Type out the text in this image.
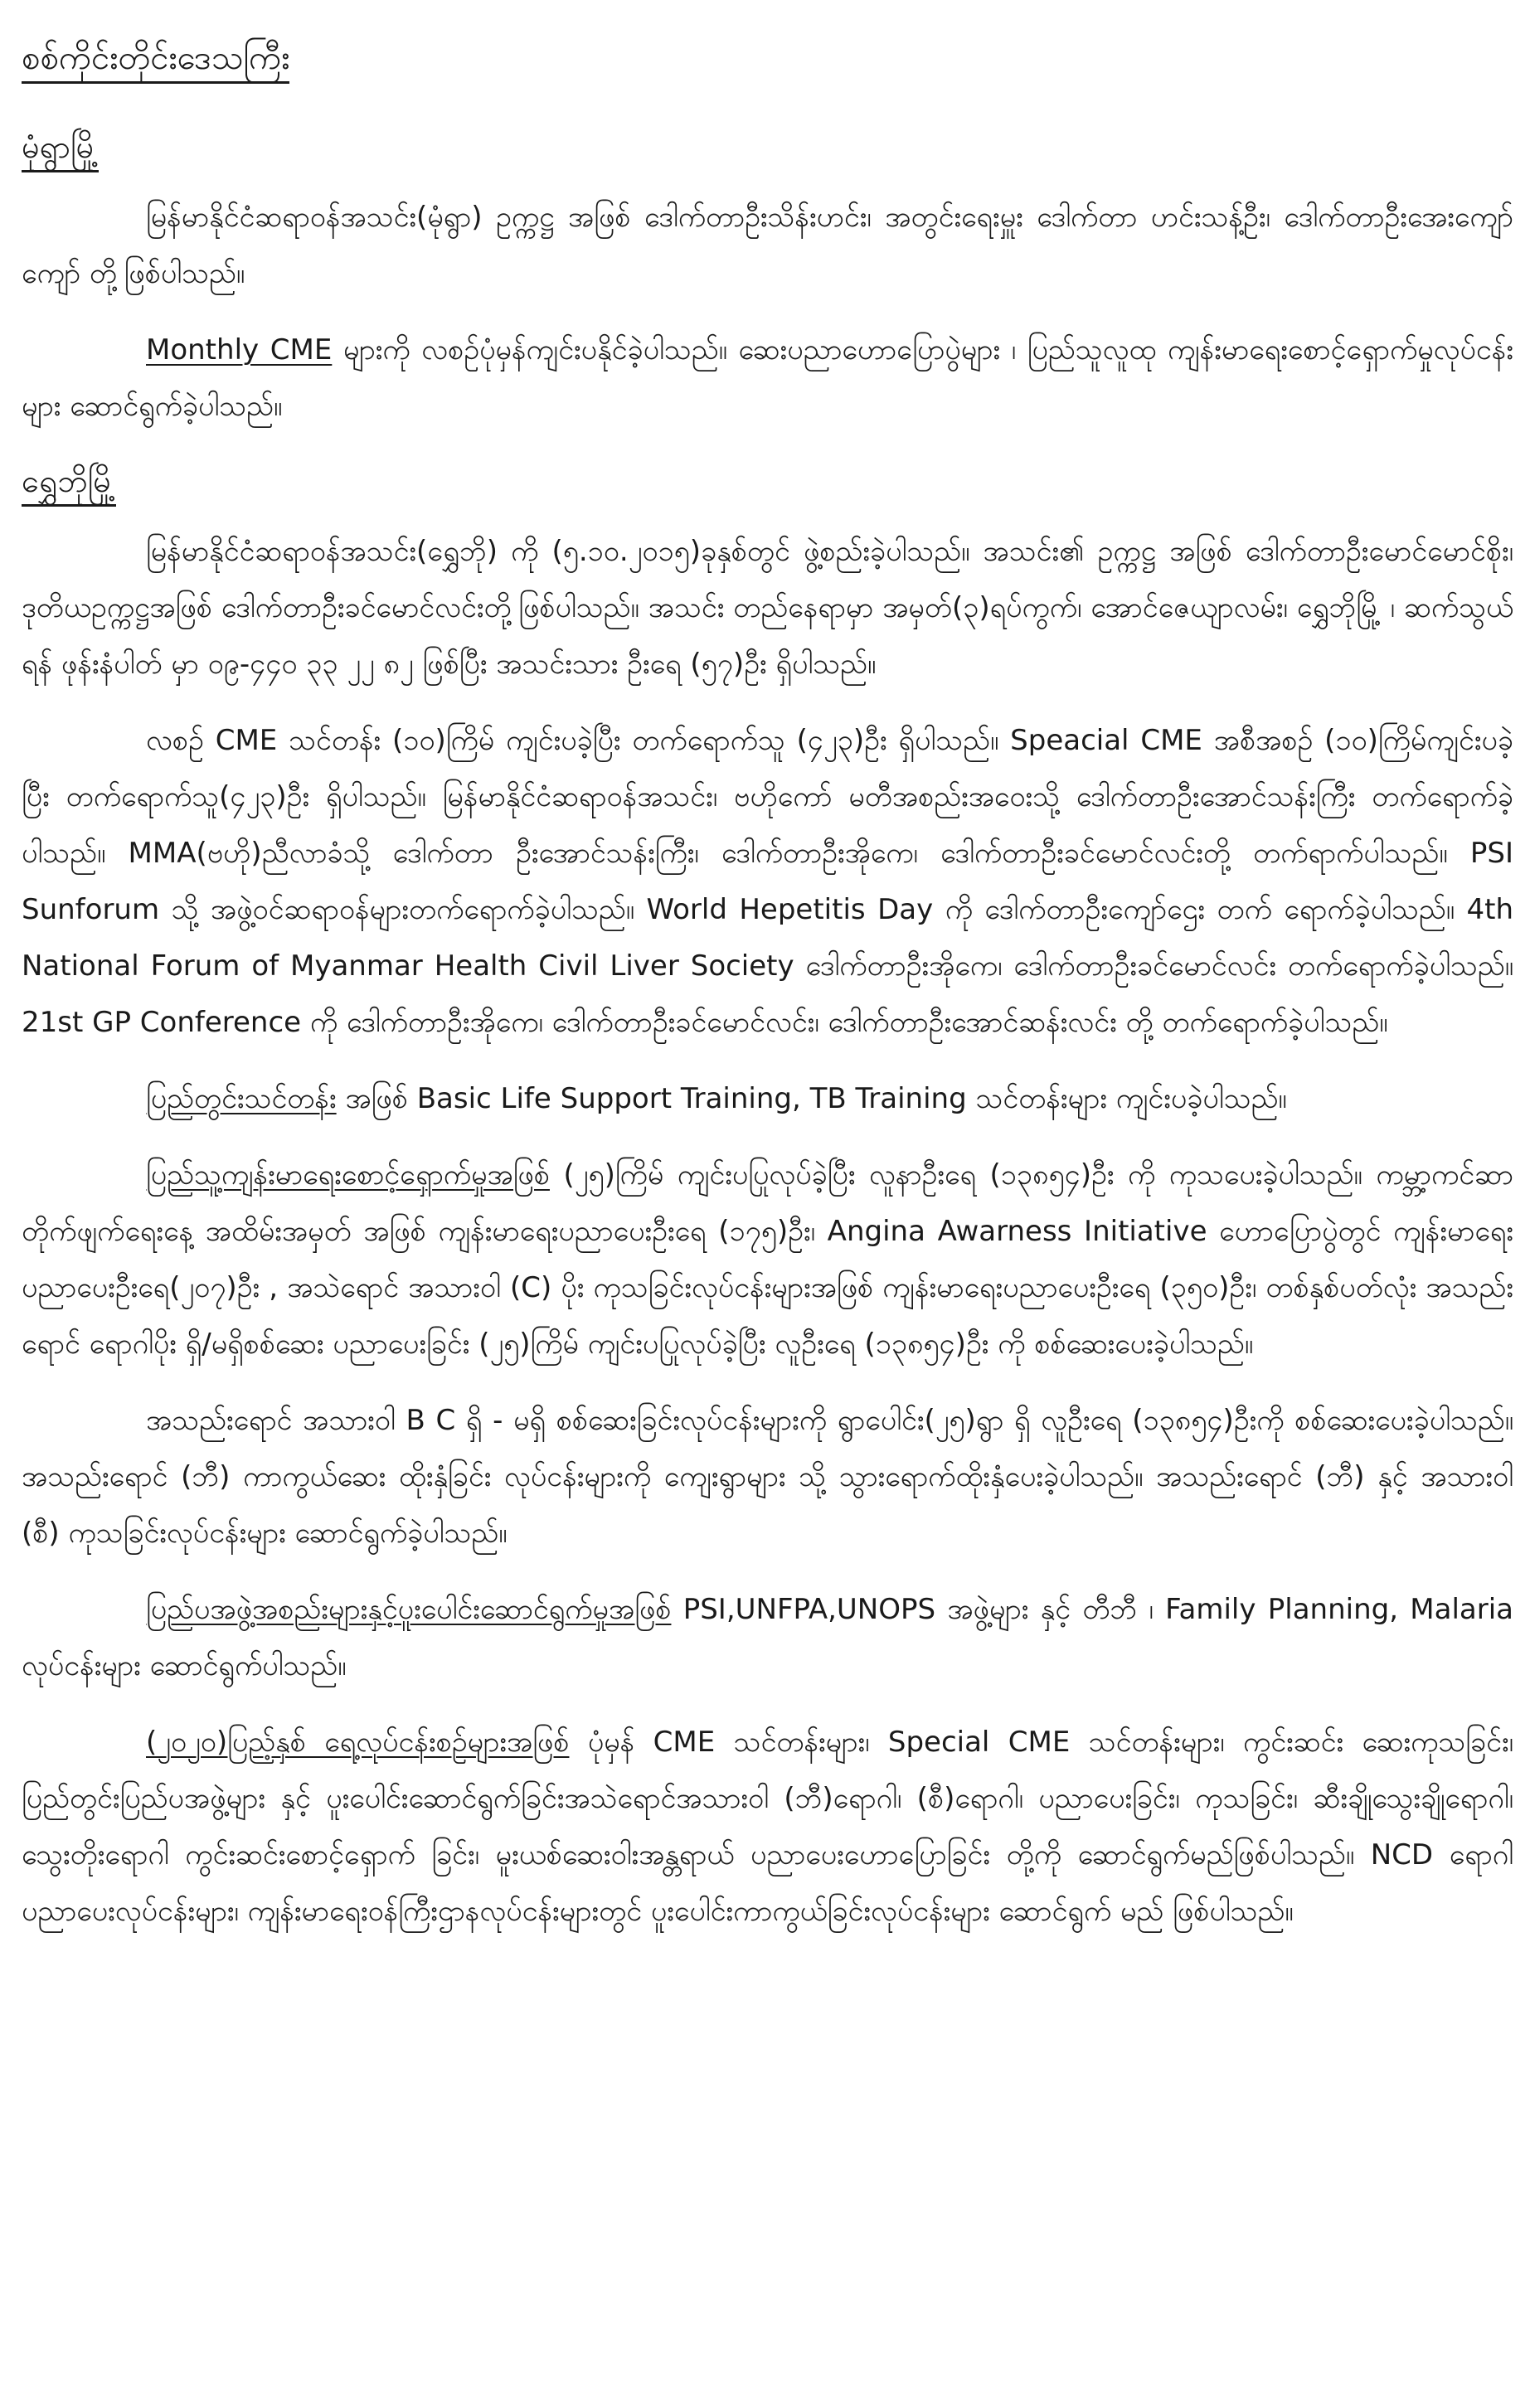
စစ်ကိုင်းတိုင်းဒေသကြီး
မုံရွာမြို့

မြန်မာနိုင်ငံဆရာဝန်အသင်း(မုံရွာ) ဥက္ကဋ္ဌ အဖြစ် ဒေါက်တာဦးသိန်းဟင်း၊ အတွင်းရေးမှူး ဒေါက်တာ ဟင်းသန့်ဦး၊ ဒေါက်တာဦးအေးကျော်ကျော် တို့ဖြစ်ပါသည်။

Monthly CME များကို လစဉ်ပုံမှန်ကျင်းပနိုင်ခဲ့ပါသည်။ ဆေးပညာဟောပြောပွဲများ ၊ ပြည်သူလူထု ကျန်းမာရေးစောင့်ရှောက်မှုလုပ်ငန်းများ ဆောင်ရွက်ခဲ့ပါသည်။

ရွှေဘိုမြို့

မြန်မာနိုင်ငံဆရာဝန်အသင်း(ရွှေဘို) ကို (၅.၁၀.၂၀၁၅)ခုနှစ်တွင် ဖွဲ့စည်းခဲ့ပါသည်။ အသင်း၏ ဥက္ကဋ္ဌ အဖြစ် ဒေါက်တာဦးမောင်မောင်စိုး၊ ဒုတိယဥက္ကဋ္ဌအဖြစ် ဒေါက်တာဦးခင်မောင်လင်းတို့ဖြစ်ပါသည်။ အသင်း တည်နေရာမှာ အမှတ်(၃)ရပ်ကွက်၊ အောင်ဇေယျာလမ်း၊ ရွှေဘိုမြို့ ၊ ဆက်သွယ်ရန် ဖုန်းနံပါတ် မှာ ၀၉-၄၄၀ ၃၃ ၂၂ ၈၂ ဖြစ်ပြီး အသင်းသား ဦးရေ (၅၇)ဦး ရှိပါသည်။

လစဉ် CME သင်တန်း (၁၀)ကြိမ် ကျင်းပခဲ့ပြီး တက်ရောက်သူ (၄၂၃)ဦး ရှိပါသည်။ Speacial CME အစီအစဉ် (၁၀)ကြိမ်ကျင်းပခဲ့ပြီး တက်ရောက်သူ(၄၂၃)ဦး ရှိပါသည်။ မြန်မာနိုင်ငံဆရာဝန်အသင်း၊ ဗဟိုကော် မတီအစည်းအဝေးသို့ ဒေါက်တာဦးအောင်သန်းကြီး တက်ရောက်ခဲ့ပါသည်။ MMA(ဗဟို)ညီလာခံသို့ ဒေါက်တာ ဦးအောင်သန်းကြီး၊ ဒေါက်တာဦးအိုကေ၊ ဒေါက်တာဦးခင်မောင်လင်းတို့ တက်ရာက်ပါသည်။ PSI Sunforum သို့ အဖွဲ့ဝင်ဆရာဝန်များတက်ရောက်ခဲ့ပါသည်။ World Hepetitis Day ကို ဒေါက်တာဦးကျော်ဌေး တက် ရောက်ခဲ့ပါသည်။ 4th National Forum of Myanmar Health Civil Liver Society ဒေါက်တာဦးအိုကေ၊ ဒေါက်တာဦးခင်မောင်လင်း တက်ရောက်ခဲ့ပါသည်။ 21st GP Conference ကို ဒေါက်တာဦးအိုကေ၊ ဒေါက်တာဦးခင်မောင်လင်း၊ ဒေါက်တာဦးအောင်ဆန်းလင်း တို့ တက်ရောက်ခဲ့ပါသည်။

ပြည်တွင်းသင်တန်း အဖြစ် Basic Life Support Training, TB Training သင်တန်းများ ကျင်းပခဲ့ပါသည်။

ပြည်သူ့ကျန်းမာရေးစောင့်ရှောက်မှုအဖြစ် (၂၅)ကြိမ် ကျင်းပပြုလုပ်ခဲ့ပြီး လူနာဦးရေ (၁၃၈၅၄)ဦး ကို ကုသပေးခဲ့ပါသည်။ ကမ္ဘာ့ကင်ဆာတိုက်ဖျက်ရေးနေ့ အထိမ်းအမှတ် အဖြစ် ကျန်းမာရေးပညာပေးဦးရေ (၁၇၅)ဦး၊ Angina Awarness Initiative ဟောပြောပွဲတွင် ကျန်းမာရေးပညာပေးဦးရေ(၂၀၇)ဦး , အသဲရောင် အသားဝါ (C) ပိုး ကုသခြင်းလုပ်ငန်းများအဖြစ် ကျန်းမာရေးပညာပေးဦးရေ (၃၅၀)ဦး၊ တစ်နှစ်ပတ်လုံး အသည်းရောင် ရောဂါပိုး ရှိ/မရှိစစ်ဆေး ပညာပေးခြင်း (၂၅)ကြိမ် ကျင်းပပြုလုပ်ခဲ့ပြီး လူဦးရေ (၁၃၈၅၄)ဦး ကို စစ်ဆေးပေးခဲ့ပါသည်။

အသည်းရောင် အသားဝါ B C ရှိ - မရှိ စစ်ဆေးခြင်းလုပ်ငန်းများကို ရွာပေါင်း(၂၅)ရွာ ရှိ လူဦးရေ (၁၃၈၅၄)ဦးကို စစ်ဆေးပေးခဲ့ပါသည်။ အသည်းရောင် (ဘီ) ကာကွယ်ဆေး ထိုးနှံခြင်း လုပ်ငန်းများကို ကျေးရွာများ သို့ သွားရောက်ထိုးနှံပေးခဲ့ပါသည်။ အသည်းရောင် (ဘီ) နှင့် အသားဝါ (စီ) ကုသခြင်းလုပ်ငန်းများ ဆောင်ရွက်ခဲ့ပါသည်။

ပြည်ပအဖွဲ့အစည်းများနှင့်ပူးပေါင်းဆောင်ရွက်မှုအဖြစ် PSI,UNFPA,UNOPS အဖွဲ့များ နှင့် တီဘီ ၊ Family Planning, Malaria လုပ်ငန်းများ ဆောင်ရွက်ပါသည်။

(၂၀၂၀)ပြည့်နှစ် ရေ့လုပ်ငန်းစဉ်များအဖြစ် ပုံမှန် CME သင်တန်းများ၊ Special CME သင်တန်းများ၊ ကွင်းဆင်း ဆေးကုသခြင်း၊ ပြည်တွင်းပြည်ပအဖွဲ့များ နှင့် ပူးပေါင်းဆောင်ရွက်ခြင်းအသဲရောင်အသားဝါ (ဘီ)ရောဂါ၊ (စီ)ရောဂါ၊ ပညာပေးခြင်း၊ ကုသခြင်း၊ ဆီးချိုသွေးချိုရောဂါ၊ သွေးတိုးရောဂါ ကွင်းဆင်းစောင့်ရှောက် ခြင်း၊ မူးယစ်ဆေးဝါးအန္တရာယ် ပညာပေးဟောပြောခြင်း တို့ကို ဆောင်ရွက်မည်ဖြစ်ပါသည်။ NCD ရောဂါ ပညာပေးလုပ်ငန်းများ၊ ကျန်းမာရေးဝန်ကြီးဌာနလုပ်ငန်းများတွင် ပူးပေါင်းကာကွယ်ခြင်းလုပ်ငန်းများ ဆောင်ရွက် မည် ဖြစ်ပါသည်။
